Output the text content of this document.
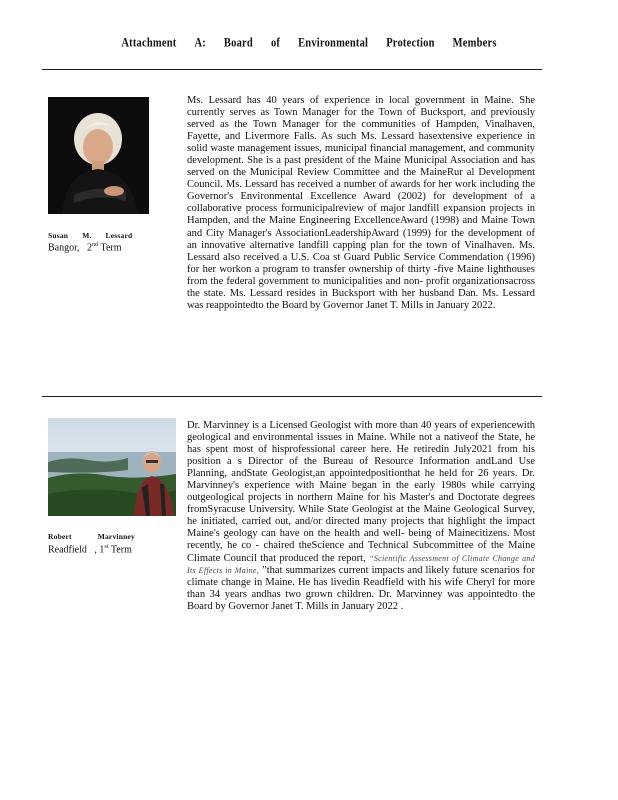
Attachment A: Board of Environmental Protection Members
Susan M. Lessard
Bangor, 2nd Term
Ms. Lessard has 40 years of experience in local government in Maine. She currently serves as Town Manager for the Town of Bucksport, and previously served as the Town Manager for the communities of Hampden, Vinalhaven, Fayette, and Livermore Falls. As such Ms. Lessard hasextensive experience in solid waste management issues, municipal financial management, and community development. She is a past president of the Maine Municipal Association and has served on the Municipal Review Committee and the MaineRur al Development Council. Ms. Lessard has received a number of awards for her work including the Governor's Environmental Excellence Award (2002) for development of a collaborative process formunicipalreview of major landfill expansion projects in Hampden, and the Maine Engineering ExcellenceAward (1998) and Maine Town and City Manager's AssociationLeadershipAward (1999) for the development of an innovative alternative landfill capping plan for the town of Vinalhaven. Ms. Lessard also received a U.S. Coa st Guard Public Service Commendation (1996) for her workon a program to transfer ownership of thirty -five Maine lighthouses from the federal government to municipalities and non- profit organizationsacross the state. Ms. Lessard resides in Bucksport with her husband Dan. Ms. Lessard was reappointedto the Board by Governor Janet T. Mills in January 2022.
Robert	Marvinney
Readfield , 1st Term
Dr. Marvinney is a Licensed Geologist with more than 40 years of experiencewith geological and environmental issues in Maine. While not a nativeof the State, he has spent most of hisprofessional career here. He retiredin July2021 from his position a s Director of the Bureau of Resource Information andLand Use Planning, andState Geologist,an appointedpositionthat he held for 26 years. Dr. Marvinney's experience with Maine began in the early 1980s while carrying outgeological projects in northern Maine for his Master's and Doctorate degrees fromSyracuse University. While State Geologist at the Maine Geological Survey, he initiated, carried out, and/or directed many projects that highlight the impact Maine's geology can have on the health and well- being of Mainecitizens. Most recently, he co - chaired theScience and Technical Subcommittee of the Maine Climate Council that produced the report, “Scientific Assessment of Climate Change and Its Effects in Maine, ”that summarizes current impacts and likely future scenarios for climate change in Maine. He has livedin Readfield with his wife Cheryl for more than 34 years andhas two grown children. Dr. Marvinney was appointedto the Board by Governor Janet T. Mills in January 2022 .
